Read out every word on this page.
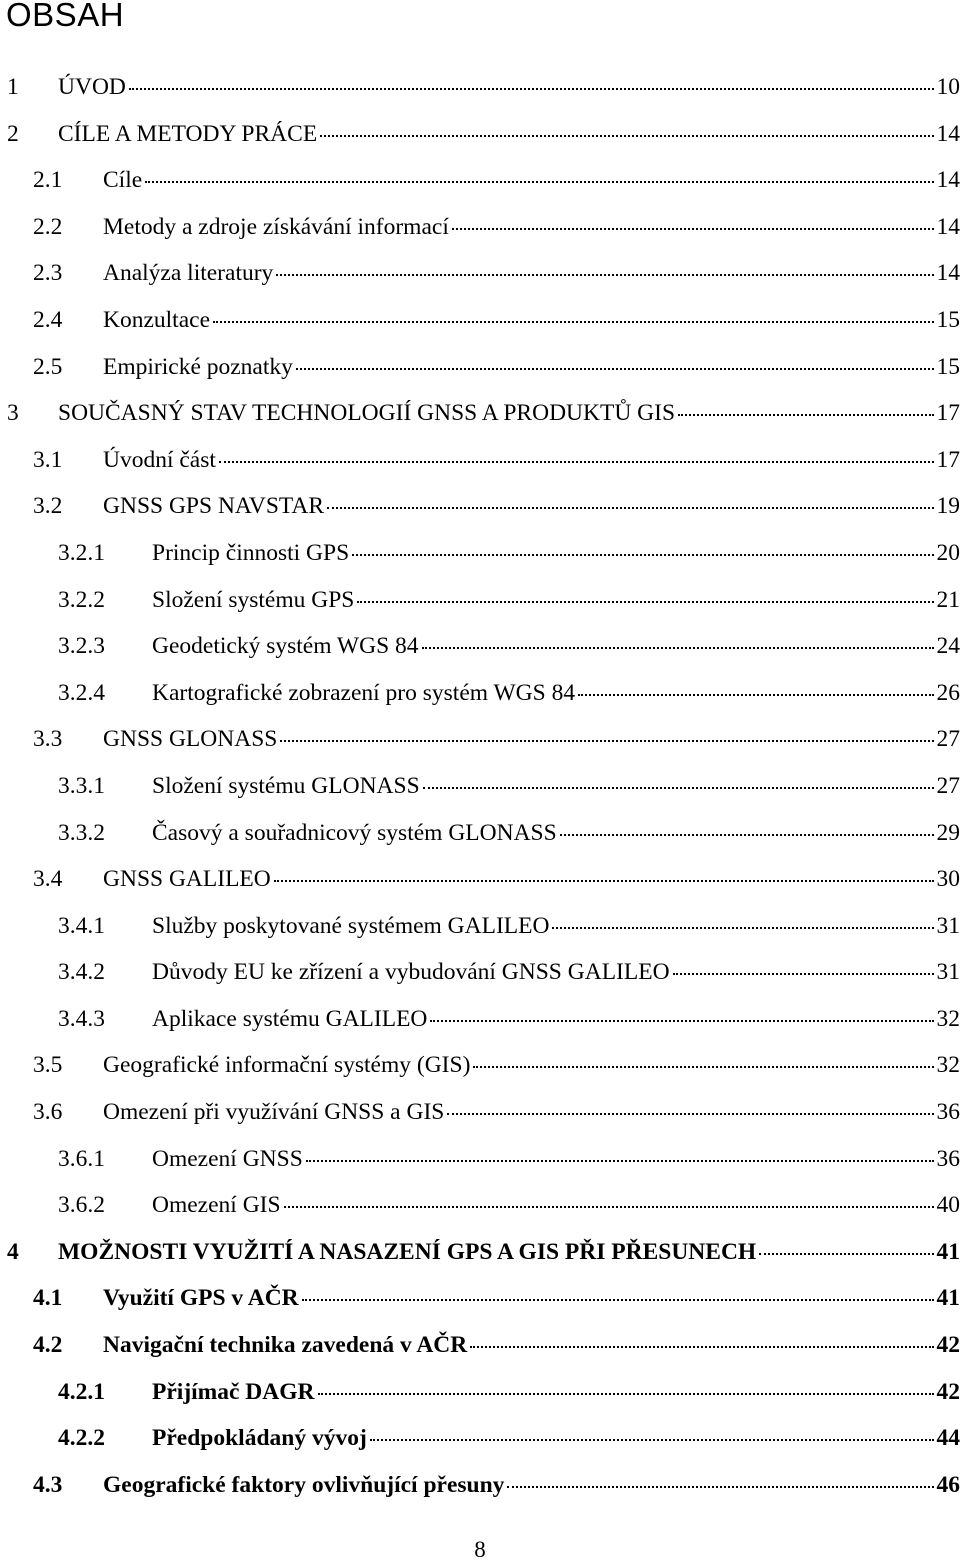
OBSAH
1	ÚVOD	10
2	CÍLE A METODY PRÁCE	14
2.1	Cíle	14
2.2	Metody a zdroje získávání informací	14
2.3	Analýza literatury	14
2.4	Konzultace	15
2.5	Empirické poznatky	15
3	SOUČASNÝ STAV TECHNOLOGIÍ GNSS A PRODUKTŮ GIS	17
3.1	Úvodní část	17
3.2	GNSS GPS NAVSTAR	19
3.2.1	Princip činnosti GPS	20
3.2.2	Složení systému GPS	21
3.2.3	Geodetický systém WGS 84	24
3.2.4	Kartografické zobrazení pro systém WGS 84	26
3.3	GNSS GLONASS	27
3.3.1	Složení systému GLONASS	27
3.3.2	Časový a souřadnicový systém GLONASS	29
3.4	GNSS GALILEO	30
3.4.1	Služby poskytované systémem GALILEO	31
3.4.2	Důvody EU ke zřízení a vybudování GNSS GALILEO	31
3.4.3	Aplikace systému GALILEO	32
3.5	Geografické informační systémy (GIS)	32
3.6	Omezení při využívání GNSS a GIS	36
3.6.1	Omezení GNSS	36
3.6.2	Omezení GIS	40
4	MOŽNOSTI VYUŽITÍ A NASAZENÍ GPS A GIS PŘI PŘESUNECH	41
4.1	Využití GPS v AČR	41
4.2	Navigační technika zavedená v AČR	42
4.2.1	Přijímač DAGR	42
4.2.2	Předpokládaný vývoj	44
4.3	Geografické faktory ovlivňující přesuny	46
8
